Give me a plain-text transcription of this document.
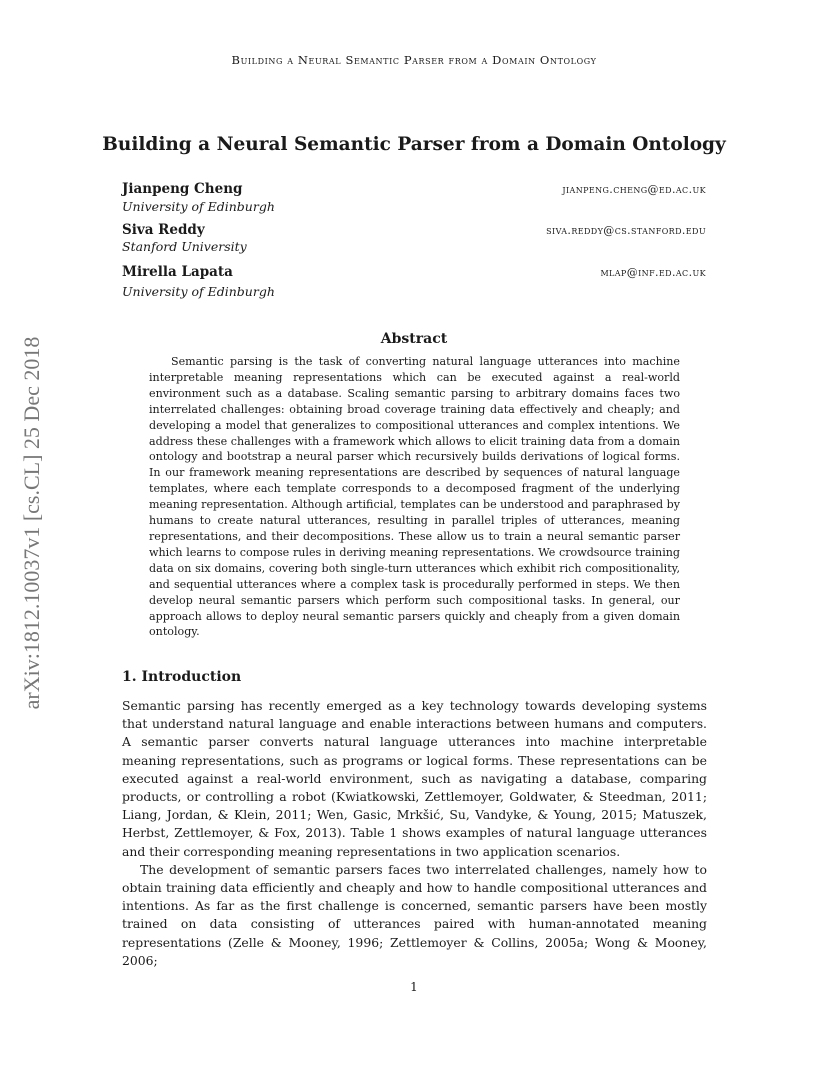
Building a Neural Semantic Parser from a Domain Ontology
arXiv:1812.10037v1 [cs.CL] 25 Dec 2018
Building a Neural Semantic Parser from a Domain Ontology
Jianpeng Cheng	jianpeng.cheng@ed.ac.uk
University of Edinburgh
Siva Reddy	siva.reddy@cs.stanford.edu
Stanford University
Mirella Lapata	mlap@inf.ed.ac.uk
University of Edinburgh
Abstract

Semantic parsing is the task of converting natural language utterances into machine interpretable meaning representations which can be executed against a real-world environment such as a database. Scaling semantic parsing to arbitrary domains faces two interrelated challenges: obtaining broad coverage training data effectively and cheaply; and developing a model that generalizes to compositional utterances and complex intentions. We address these challenges with a framework which allows to elicit training data from a domain ontology and bootstrap a neural parser which recursively builds derivations of logical forms. In our framework meaning representations are described by sequences of natural language templates, where each template corresponds to a decomposed fragment of the underlying meaning representation. Although artificial, templates can be understood and paraphrased by humans to create natural utterances, resulting in parallel triples of utterances, meaning representations, and their decompositions. These allow us to train a neural semantic parser which learns to compose rules in deriving meaning representations. We crowdsource training data on six domains, covering both single-turn utterances which exhibit rich compositionality, and sequential utterances where a complex task is procedurally performed in steps. We then develop neural semantic parsers which perform such compositional tasks. In general, our approach allows to deploy neural semantic parsers quickly and cheaply from a given domain ontology.

1. Introduction

Semantic parsing has recently emerged as a key technology towards developing systems that understand natural language and enable interactions between humans and computers. A semantic parser converts natural language utterances into machine interpretable meaning representations, such as programs or logical forms. These representations can be executed against a real-world environment, such as navigating a database, comparing products, or controlling a robot (Kwiatkowski, Zettlemoyer, Goldwater, & Steedman, 2011; Liang, Jordan, & Klein, 2011; Wen, Gasic, Mrkšić, Su, Vandyke, & Young, 2015; Matuszek, Herbst, Zettlemoyer, & Fox, 2013). Table 1 shows examples of natural language utterances and their corresponding meaning representations in two application scenarios.

The development of semantic parsers faces two interrelated challenges, namely how to obtain training data efficiently and cheaply and how to handle compositional utterances and intentions. As far as the first challenge is concerned, semantic parsers have been mostly trained on data consisting of utterances paired with human-annotated meaning representations (Zelle & Mooney, 1996; Zettlemoyer & Collins, 2005a; Wong & Mooney, 2006;

1
